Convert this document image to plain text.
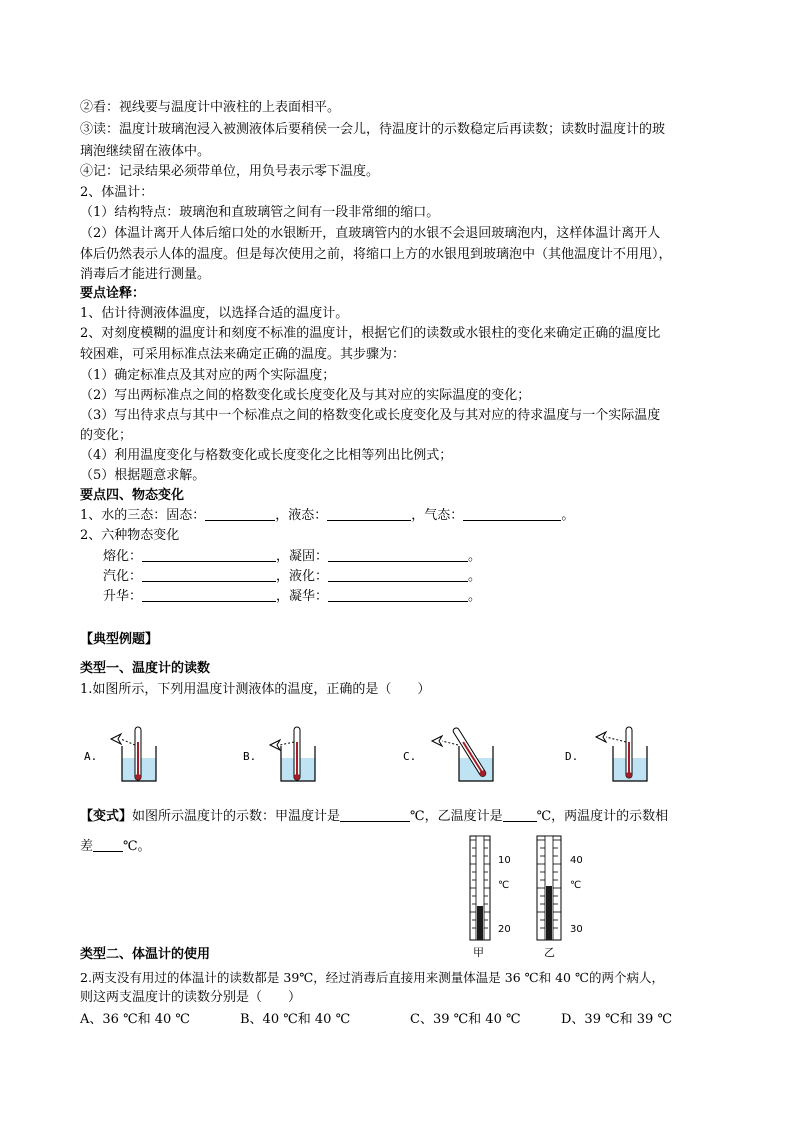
②看：视线要与温度计中液柱的上表面相平。
③读：温度计玻璃泡浸入被测液体后要稍侯一会儿，待温度计的示数稳定后再读数；读数时温度计的玻
璃泡继续留在液体中。
④记：记录结果必须带单位，用负号表示零下温度。
2、体温计：
（1）结构特点：玻璃泡和直玻璃管之间有一段非常细的缩口。
（2）体温计离开人体后缩口处的水银断开，直玻璃管内的水银不会退回玻璃泡内，这样体温计离开人
体后仍然表示人体的温度。但是每次使用之前，将缩口上方的水银甩到玻璃泡中（其他温度计不用甩），
消毒后才能进行测量。
要点诠释：
1、估计待测液体温度，以选择合适的温度计。
2、对刻度模糊的温度计和刻度不标准的温度计，根据它们的读数或水银柱的变化来确定正确的温度比
较困难，可采用标准点法来确定正确的温度。其步骤为：
（1）确定标准点及其对应的两个实际温度；
（2）写出两标准点之间的格数变化或长度变化及与其对应的实际温度的变化；
（3）写出待求点与其中一个标准点之间的格数变化或长度变化及与其对应的待求温度与一个实际温度
的变化；
（4）利用温度变化与格数变化或长度变化之比相等列出比例式；
（5）根据题意求解。
要点四、物态变化
1、水的三态：固态：	，液态：	，气态：	。
2、六种物态变化
熔化：	，凝固：	。
汽化：	，液化：	。
升华：	，凝华：	。
【典型例题】
类型一、温度计的读数
1.如图所示，下列用温度计测液体的温度，正确的是（　　）
A.	B.	C.	D.
【变式】如图所示温度计的示数：甲温度计是	℃，乙温度计是	℃，两温度计的示数相
差 ℃。
10
℃
20
甲
40
℃
30
乙
类型二、体温计的使用
2.两支没有用过的体温计的读数都是 39℃，经过消毒后直接用来测量体温是 36 ℃和 40 ℃的两个病人，
则这两支温度计的读数分别是（　　）
A、36 ℃和 40 ℃	B、40 ℃和 40 ℃	C、39 ℃和 40 ℃	D、39 ℃和 39 ℃
